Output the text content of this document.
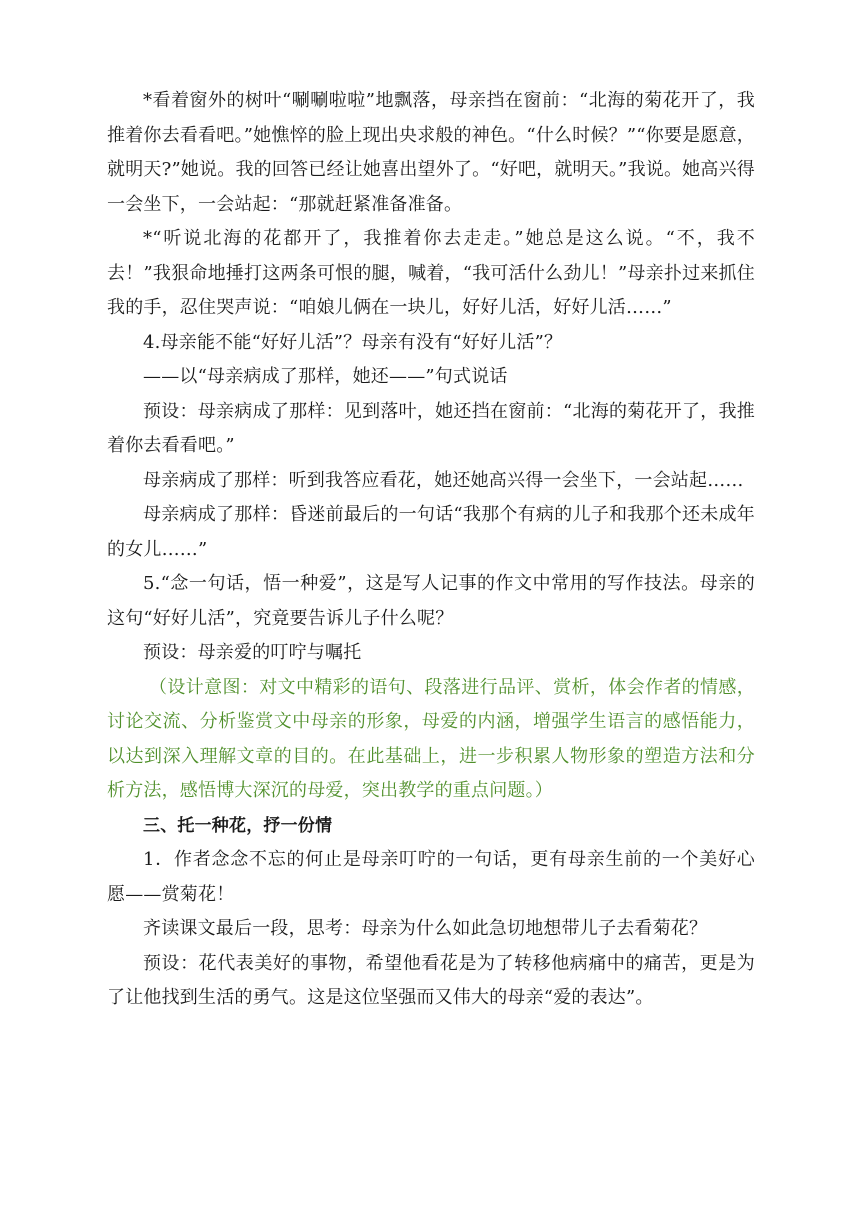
*看着窗外的树叶“唰唰啦啦”地飘落，母亲挡在窗前：“北海的菊花开了，我推着你去看看吧。”她憔悴的脸上现出央求般的神色。“什么时候？”“你要是愿意，就明天?”她说。我的回答已经让她喜出望外了。“好吧，就明天。”我说。她高兴得一会坐下，一会站起：“那就赶紧准备准备。

*“听说北海的花都开了，我推着你去走走。”她总是这么说。“不，我不去！”我狠命地捶打这两条可恨的腿，喊着，“我可活什么劲儿！”母亲扑过来抓住我的手，忍住哭声说：“咱娘儿俩在一块儿，好好儿活，好好儿活……”

4.母亲能不能“好好儿活”？母亲有没有“好好儿活”？

——以“母亲病成了那样，她还——”句式说话

预设：母亲病成了那样：见到落叶，她还挡在窗前：“北海的菊花开了，我推着你去看看吧。”

母亲病成了那样：听到我答应看花，她还她高兴得一会坐下，一会站起……

母亲病成了那样：昏迷前最后的一句话“我那个有病的儿子和我那个还未成年的女儿……”

5.“念一句话，悟一种爱”，这是写人记事的作文中常用的写作技法。母亲的这句“好好儿活”，究竟要告诉儿子什么呢？

预设：母亲爱的叮咛与嘱托

（设计意图：对文中精彩的语句、段落进行品评、赏析，体会作者的情感，讨论交流、分析鉴赏文中母亲的形象，母爱的内涵，增强学生语言的感悟能力，以达到深入理解文章的目的。在此基础上，进一步积累人物形象的塑造方法和分析方法，感悟博大深沉的母爱，突出教学的重点问题。）

三、托一种花，抒一份情

1．作者念念不忘的何止是母亲叮咛的一句话，更有母亲生前的一个美好心愿——赏菊花！

齐读课文最后一段，思考：母亲为什么如此急切地想带儿子去看菊花？

预设：花代表美好的事物，希望他看花是为了转移他病痛中的痛苦，更是为了让他找到生活的勇气。这是这位坚强而又伟大的母亲“爱的表达”。
